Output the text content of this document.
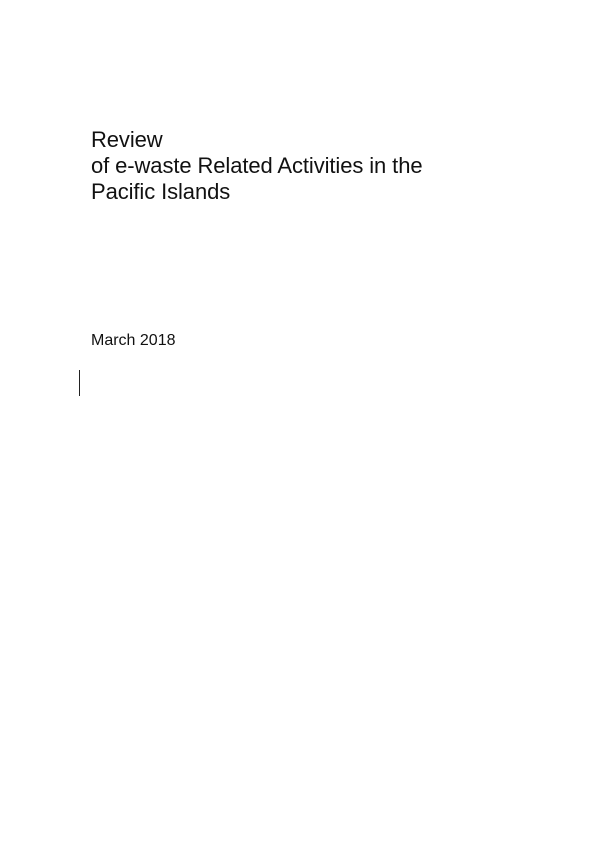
Review
of e-waste Related Activities in the
Pacific Islands
March 2018
